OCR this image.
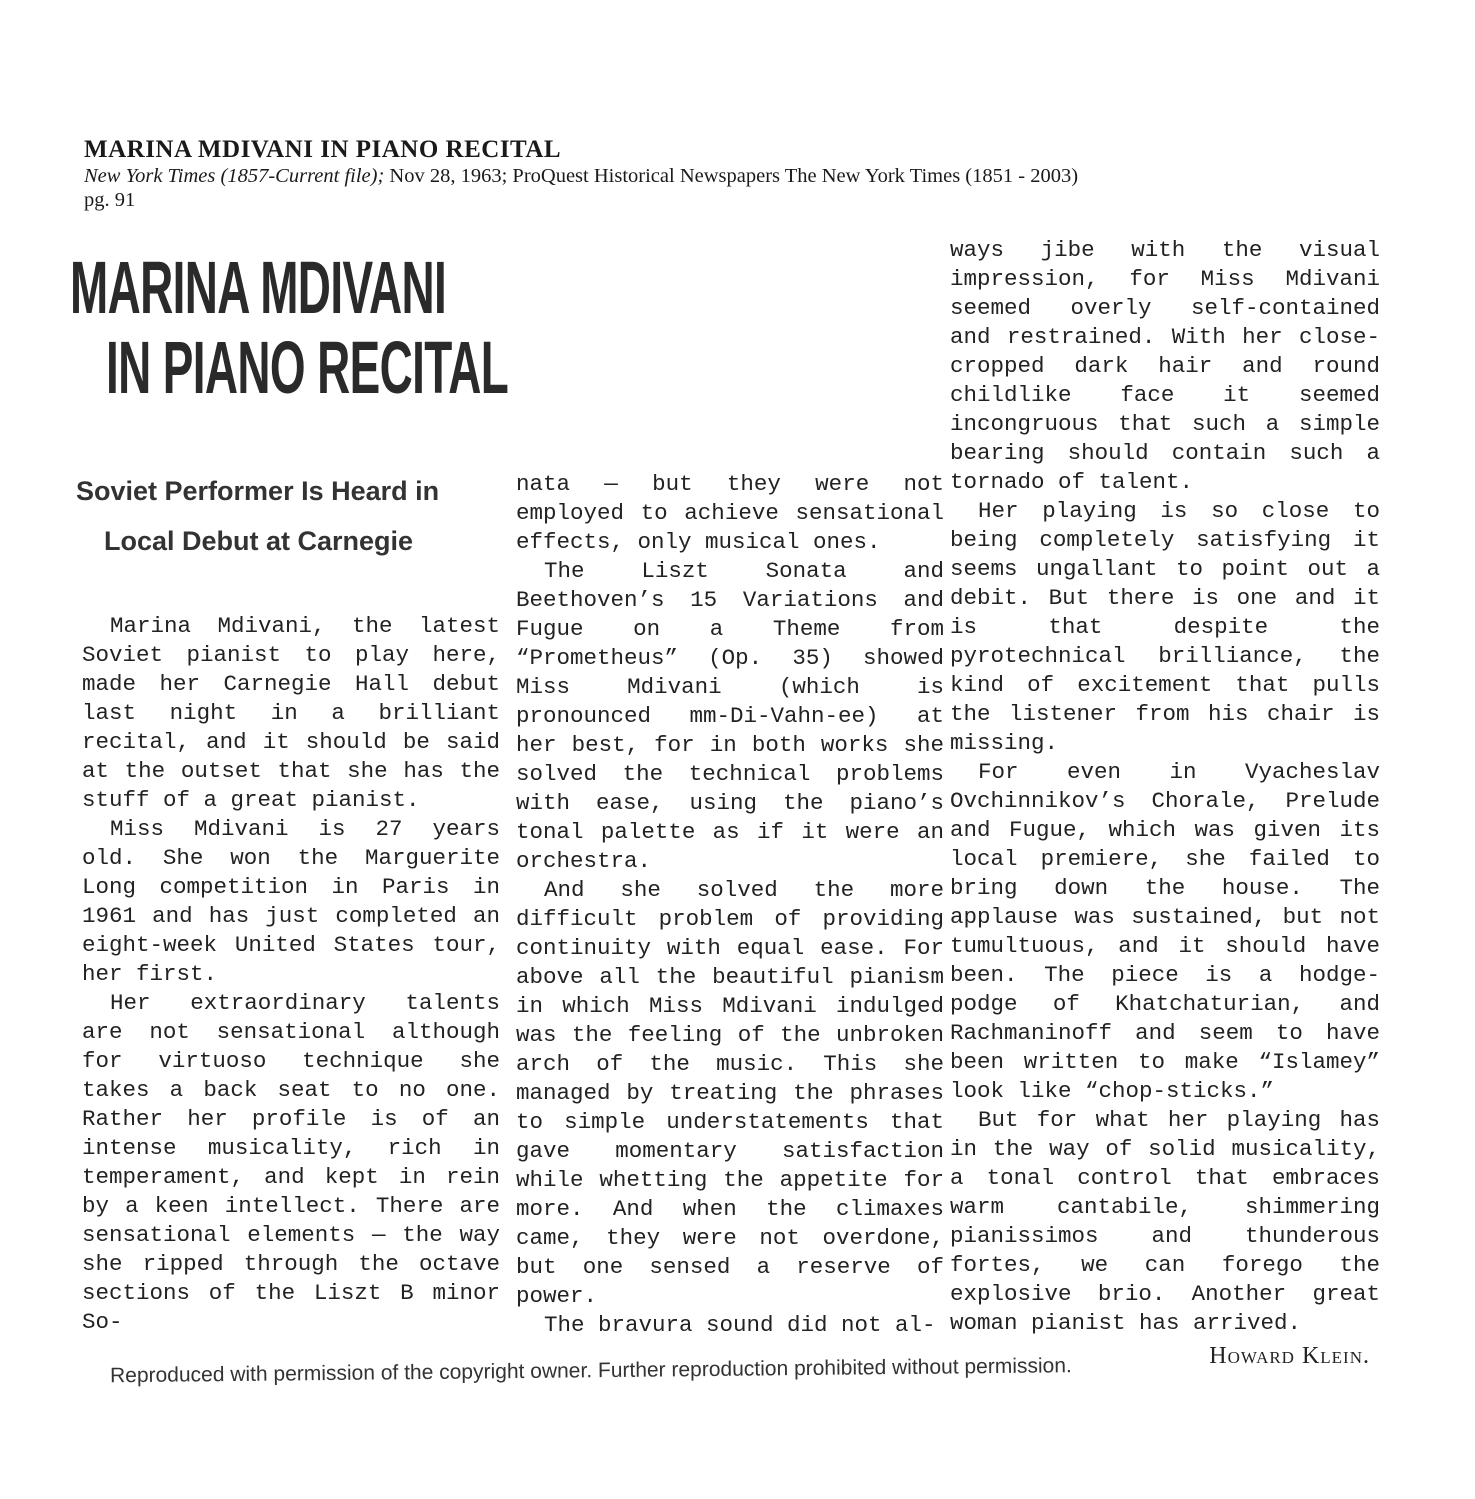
MARINA MDIVANI IN PIANO RECITAL
New York Times (1857-Current file); Nov 28, 1963; ProQuest Historical Newspapers The New York Times (1851 - 2003)
pg. 91
MARINA MDIVANI
IN PIANO RECITAL
Soviet Performer Is Heard in
Local Debut at Carnegie

Marina Mdivani, the latest Soviet pianist to play here, made her Carnegie Hall debut last night in a brilliant recital, and it should be said at the outset that she has the stuff of a great pianist.

Miss Mdivani is 27 years old. She won the Marguerite Long competition in Paris in 1961 and has just completed an eight-week United States tour, her first.

Her extraordinary talents are not sensational although for virtuoso technique she takes a back seat to no one. Rather her profile is of an intense musicality, rich in temperament, and kept in rein by a keen intellect. There are sensational elements — the way she ripped through the octave sections of the Liszt B minor So-

nata — but they were not employed to achieve sensational effects, only musical ones.

The Liszt Sonata and Beethoven’s 15 Variations and Fugue on a Theme from “Prometheus” (Op. 35) showed Miss Mdivani (which is pronounced mm-Di-Vahn-ee) at her best, for in both works she solved the technical problems with ease, using the piano’s tonal palette as if it were an orchestra.

And she solved the more difficult problem of providing continuity with equal ease. For above all the beautiful pianism in which Miss Mdivani indulged was the feeling of the unbroken arch of the music. This she managed by treating the phrases to simple understatements that gave momentary satisfaction while whetting the appetite for more. And when the climaxes came, they were not overdone, but one sensed a reserve of power.

The bravura sound did not al-

ways jibe with the visual impression, for Miss Mdivani seemed overly self-contained and restrained. With her close-cropped dark hair and round childlike face it seemed incongruous that such a simple bearing should contain such a tornado of talent.

Her playing is so close to being completely satisfying it seems ungallant to point out a debit. But there is one and it is that despite the pyrotechnical brilliance, the kind of excitement that pulls the listener from his chair is missing.

For even in Vyacheslav Ovchinnikov’s Chorale, Prelude and Fugue, which was given its local premiere, she failed to bring down the house. The applause was sustained, but not tumultuous, and it should have been. The piece is a hodge-podge of Khatchaturian, and Rachmaninoff and seem to have been written to make “Islamey” look like “chop-sticks.”

But for what her playing has in the way of solid musicality, a tonal control that embraces warm cantabile, shimmering pianissimos and thunderous fortes, we can forego the explosive brio. Another great woman pianist has arrived.

Howard Klein.
Reproduced with permission of the copyright owner. Further reproduction prohibited without permission.
